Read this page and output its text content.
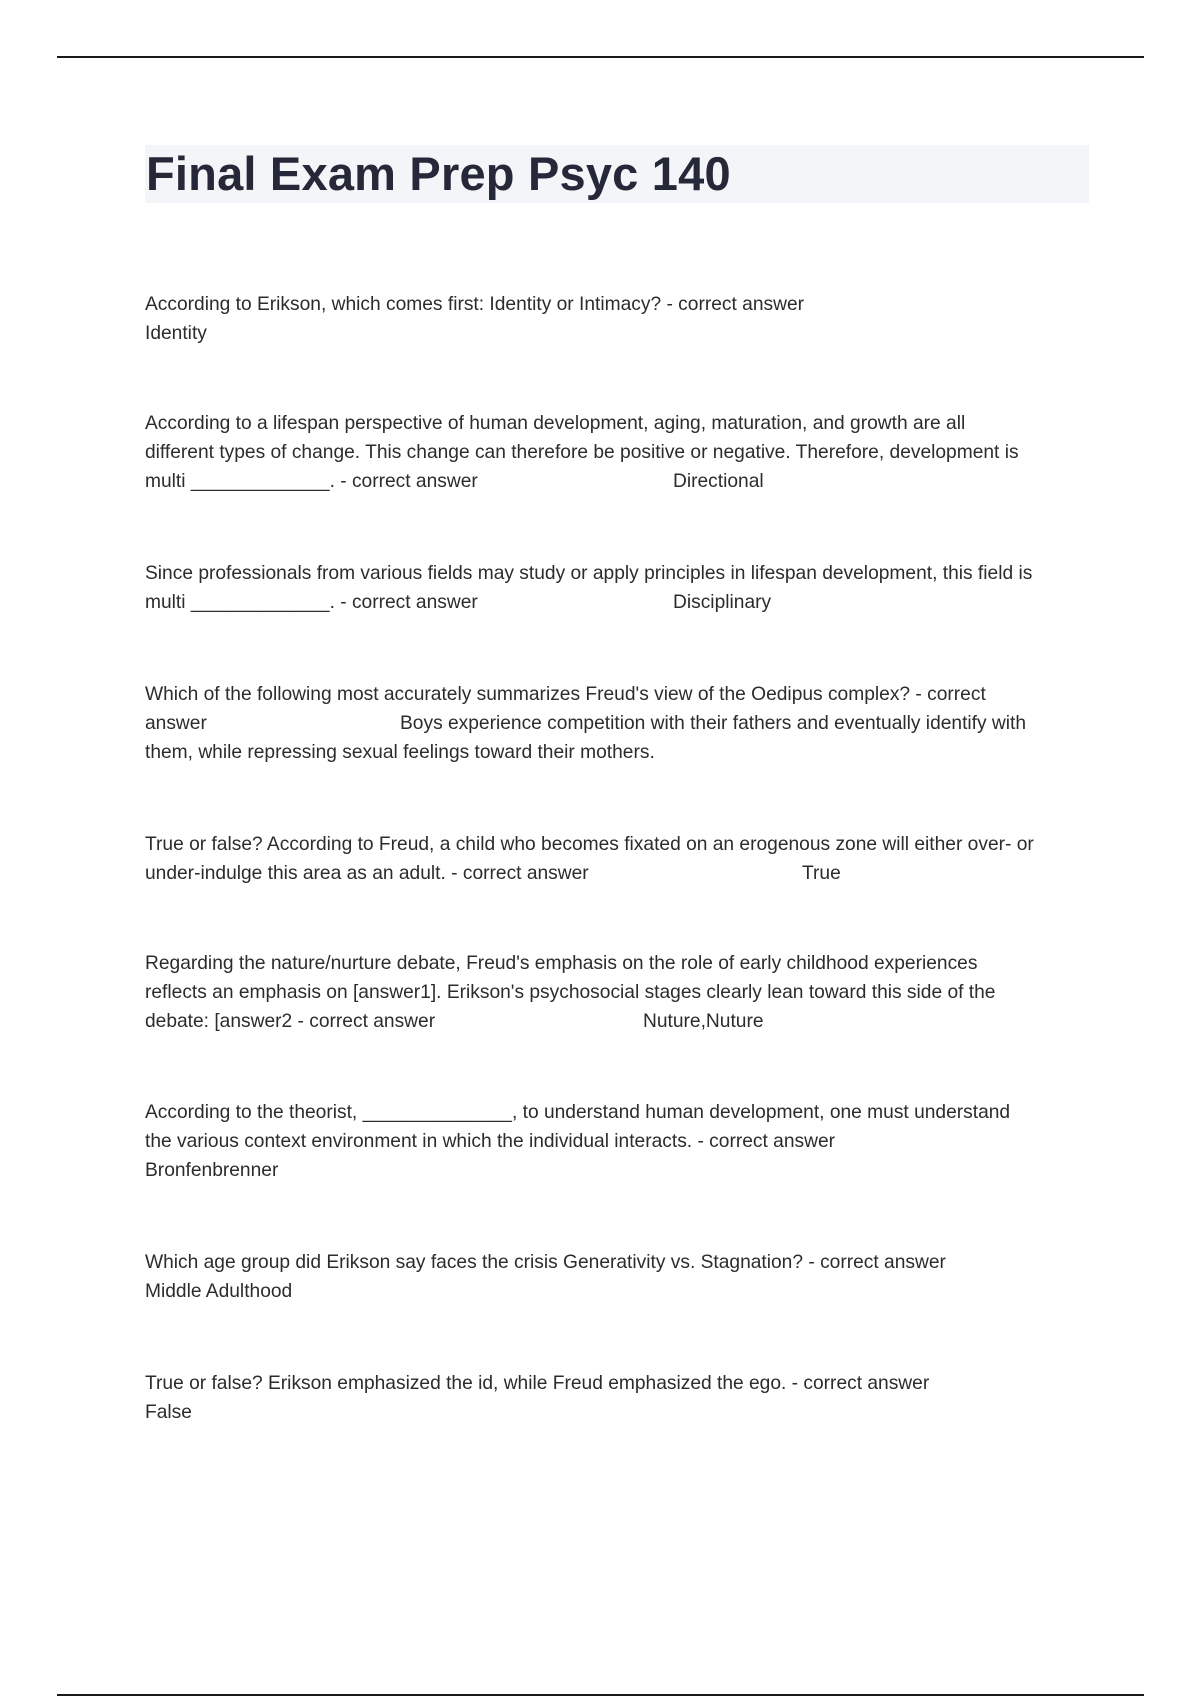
Final Exam Prep Psyc 140
According to Erikson, which comes first: Identity or Intimacy? - correct answer
Identity
According to a lifespan perspective of human development, aging, maturation, and growth are all
different types of change. This change can therefore be positive or negative. Therefore, development is
multi _____________. - correct answer	Directional
Since professionals from various fields may study or apply principles in lifespan development, this field is
multi _____________. - correct answer	Disciplinary
Which of the following most accurately summarizes Freud's view of the Oedipus complex? - correct
answer	Boys experience competition with their fathers and eventually identify with
them, while repressing sexual feelings toward their mothers.
True or false? According to Freud, a child who becomes fixated on an erogenous zone will either over- or
under-indulge this area as an adult. - correct answer	True
Regarding the nature/nurture debate, Freud's emphasis on the role of early childhood experiences
reflects an emphasis on [answer1]. Erikson's psychosocial stages clearly lean toward this side of the
debate: [answer2 - correct answer	Nuture,Nuture
According to the theorist, ______________, to understand human development, one must understand
the various context environment in which the individual interacts. - correct answer
Bronfenbrenner
Which age group did Erikson say faces the crisis Generativity vs. Stagnation? - correct answer
Middle Adulthood
True or false? Erikson emphasized the id, while Freud emphasized the ego. - correct answer
False
